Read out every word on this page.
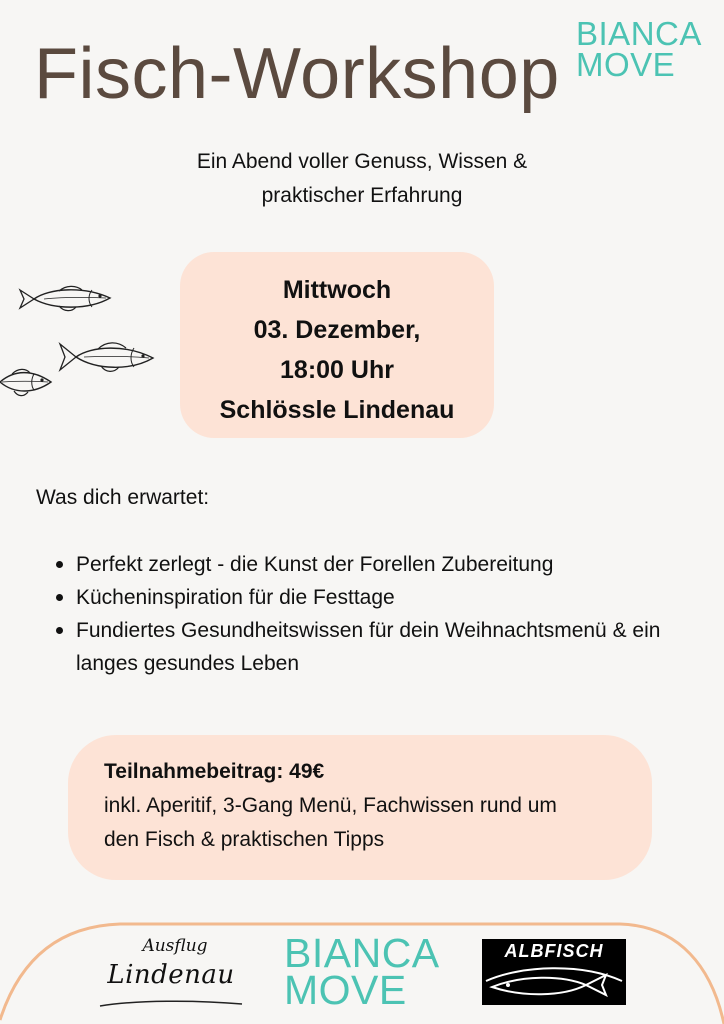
Fisch-Workshop
BIANCA
MOVE
Ein Abend voller Genuss, Wissen &
praktischer Erfahrung
Mittwoch
03. Dezember,
18:00 Uhr
Schlössle Lindenau
Was dich erwartet:
Perfekt zerlegt - die Kunst der Forellen Zubereitung
Kücheninspiration für die Festtage
Fundiertes Gesundheitswissen für dein Weihnachtsmenü & ein langes gesundes Leben
Teilnahmebeitrag: 49€
inkl. Aperitif, 3-Gang Menü, Fachwissen rund um
den Fisch & praktischen Tipps
Ausflug
Lindenau BIANCA
MOVE
ALBFISCH
